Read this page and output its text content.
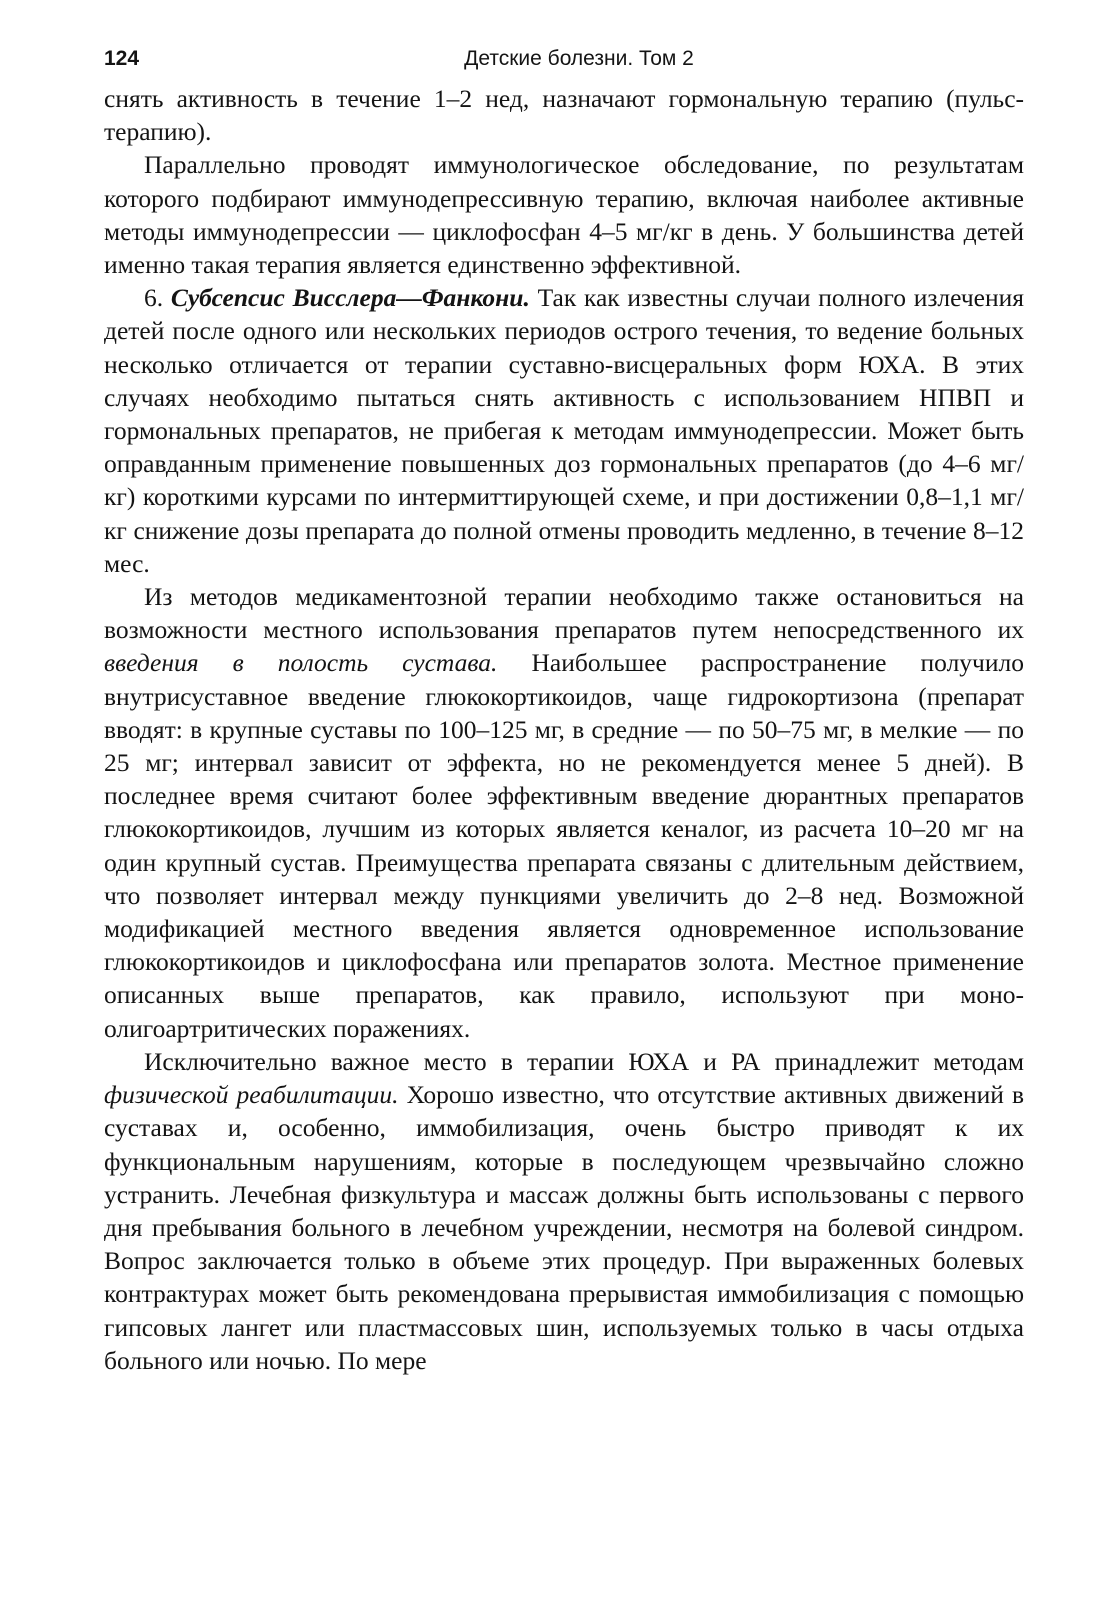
124	Детские болезни. Том 2

снять активность в течение 1–2 нед, назначают гормональную терапию (пульс-терапию).

Параллельно проводят иммунологическое обследование, по результатам которого подбирают иммунодепрессивную терапию, включая наиболее активные методы иммунодепрессии — циклофосфан 4–5 мг/кг в день. У большинства детей именно такая терапия является единственно эффективной.

6. Субсепсис Висслера—Фанкони. Так как известны случаи полного излечения детей после одного или нескольких периодов острого течения, то ведение больных несколько отличается от терапии суставно-висцеральных форм ЮХА. В этих случаях необходимо пытаться снять активность с использованием НПВП и гормональных препаратов, не прибегая к методам иммунодепрессии. Может быть оправданным применение повышенных доз гормональных препаратов (до 4–6 мг/кг) короткими курсами по интермиттирующей схеме, и при достижении 0,8–1,1 мг/кг снижение дозы препарата до полной отмены проводить медленно, в течение 8–12 мес.

Из методов медикаментозной терапии необходимо также остановиться на возможности местного использования препаратов путем непосредственного их введения в полость сустава. Наибольшее распространение получило внутрисуставное введение глюкокортикоидов, чаще гидрокортизона (препарат вводят: в крупные суставы по 100–125 мг, в средние — по 50–75 мг, в мелкие — по 25 мг; интервал зависит от эффекта, но не рекомендуется менее 5 дней). В последнее время считают более эффективным введение дюрантных препаратов глюкокортикоидов, лучшим из которых является кеналог, из расчета 10–20 мг на один крупный сустав. Преимущества препарата связаны с длительным действием, что позволяет интервал между пункциями увеличить до 2–8 нед. Возможной модификацией местного введения является одновременное использование глюкокортикоидов и циклофосфана или препаратов золота. Местное применение описанных выше препаратов, как правило, используют при моно-олигоартритических поражениях.

Исключительно важное место в терапии ЮХА и РА принадлежит методам физической реабилитации. Хорошо известно, что отсутствие активных движений в суставах и, особенно, иммобилизация, очень быстро приводят к их функциональным нарушениям, которые в последующем чрезвычайно сложно устранить. Лечебная физкультура и массаж должны быть использованы с первого дня пребывания больного в лечебном учреждении, несмотря на болевой синдром. Вопрос заключается только в объеме этих процедур. При выраженных болевых контрактурах может быть рекомендована прерывистая иммобилизация с помощью гипсовых лангет или пластмассовых шин, используемых только в часы отдыха больного или ночью. По мере
